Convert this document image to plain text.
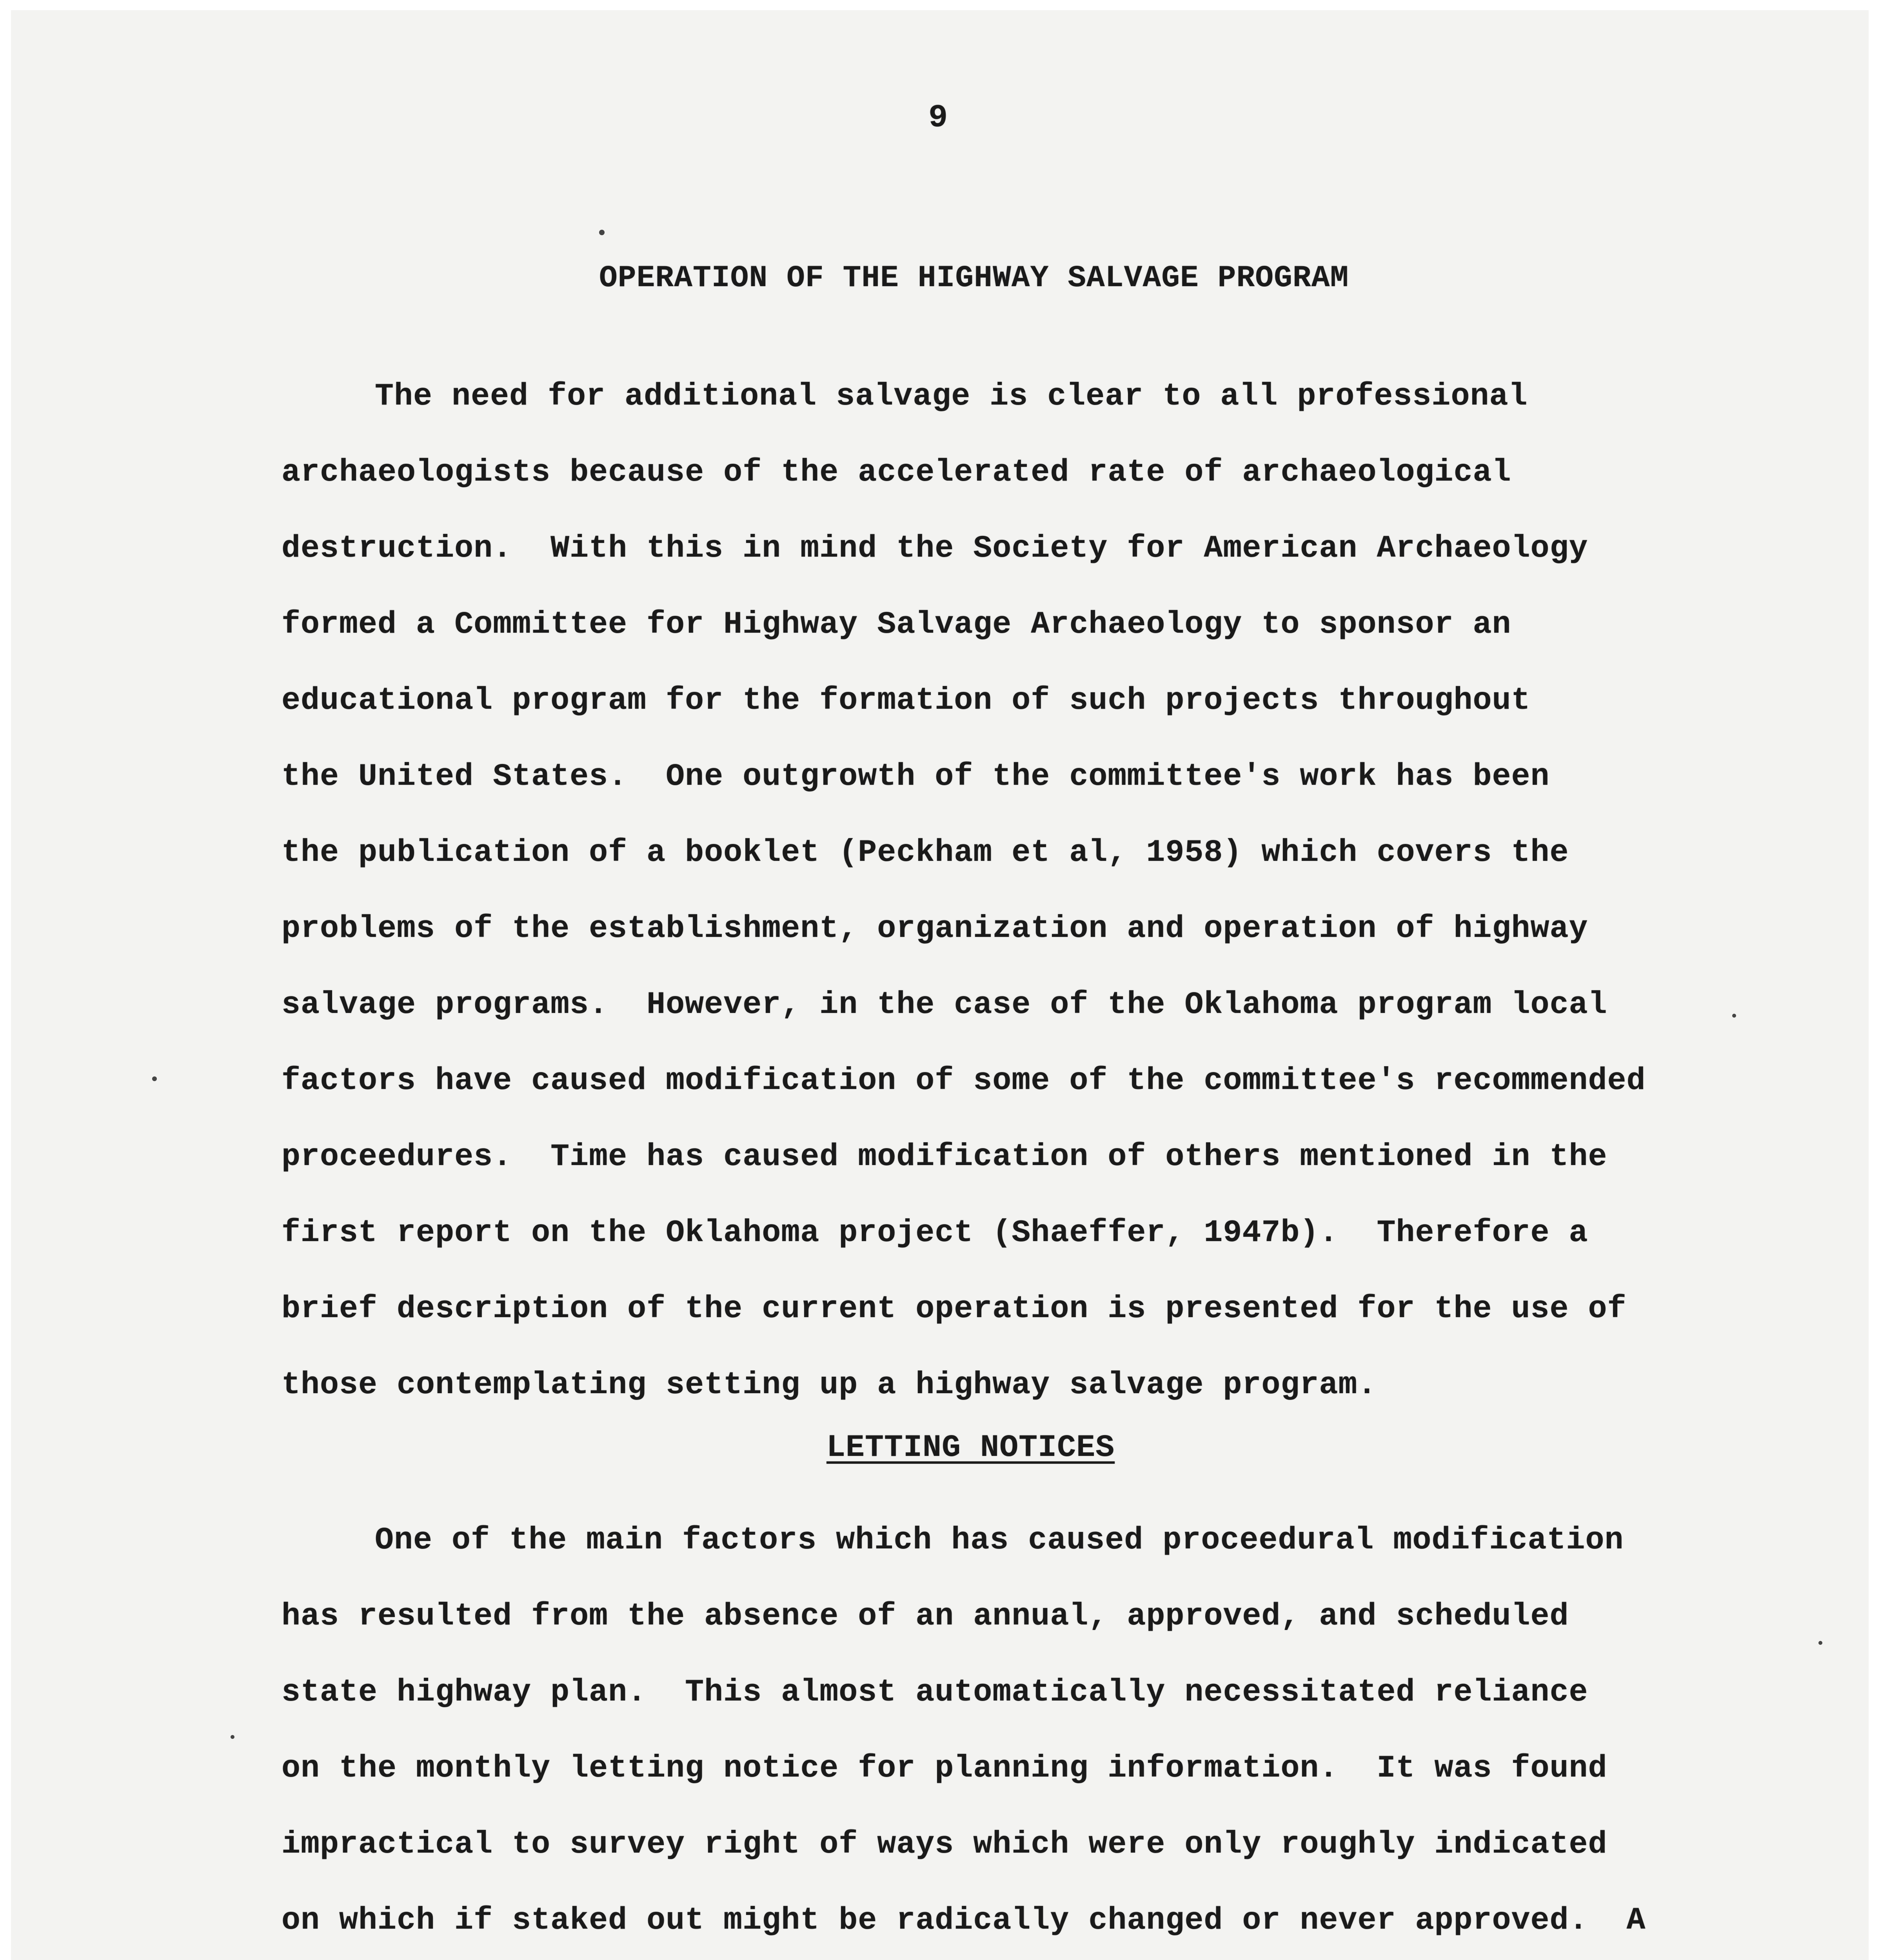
9

OPERATION OF THE HIGHWAY SALVAGE PROGRAM

The need for additional salvage is clear to all professional

archaeologists because of the accelerated rate of archaeological

destruction.  With this in mind the Society for American Archaeology

formed a Committee for Highway Salvage Archaeology to sponsor an

educational program for the formation of such projects throughout

the United States.  One outgrowth of the committee's work has been

the publication of a booklet (Peckham et al, 1958) which covers the

problems of the establishment, organization and operation of highway

salvage programs.  However, in the case of the Oklahoma program local

factors have caused modification of some of the committee's recommended

proceedures.  Time has caused modification of others mentioned in the

first report on the Oklahoma project (Shaeffer, 1947b).  Therefore a

brief description of the current operation is presented for the use of

those contemplating setting up a highway salvage program.

LETTING NOTICES

One of the main factors which has caused proceedural modification

has resulted from the absence of an annual, approved, and scheduled

state highway plan.  This almost automatically necessitated reliance

on the monthly letting notice for planning information.  It was found

impractical to survey right of ways which were only roughly indicated

on which if staked out might be radically changed or never approved.  A
